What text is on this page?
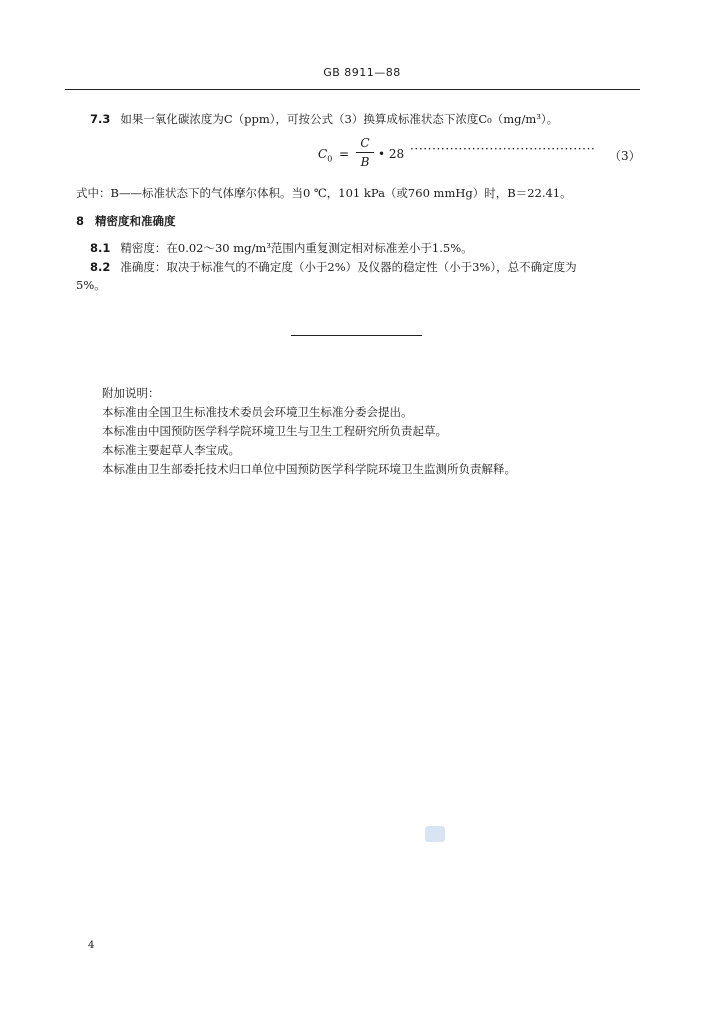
GB 8911—88
7.3 如果一氧化碳浓度为C（ppm），可按公式（3）换算成标准状态下浓度C₀（mg/m³）。
$C_0$ =
C
B
• 28 ·········································· （3）
式中：B——标准状态下的气体摩尔体积。当0 ℃，101 kPa（或760 mmHg）时，B＝22.41。
8 精密度和准确度
8.1 精密度：在0.02～30 mg/m³范围内重复测定相对标准差小于1.5%。
8.2 准确度：取决于标准气的不确定度（小于2%）及仪器的稳定性（小于3%），总不确定度为
5%。
附加说明：
本标准由全国卫生标准技术委员会环境卫生标准分委会提出。
本标准由中国预防医学科学院环境卫生与卫生工程研究所负责起草。
本标准主要起草人李宝成。
本标准由卫生部委托技术归口单位中国预防医学科学院环境卫生监测所负责解释。
4
